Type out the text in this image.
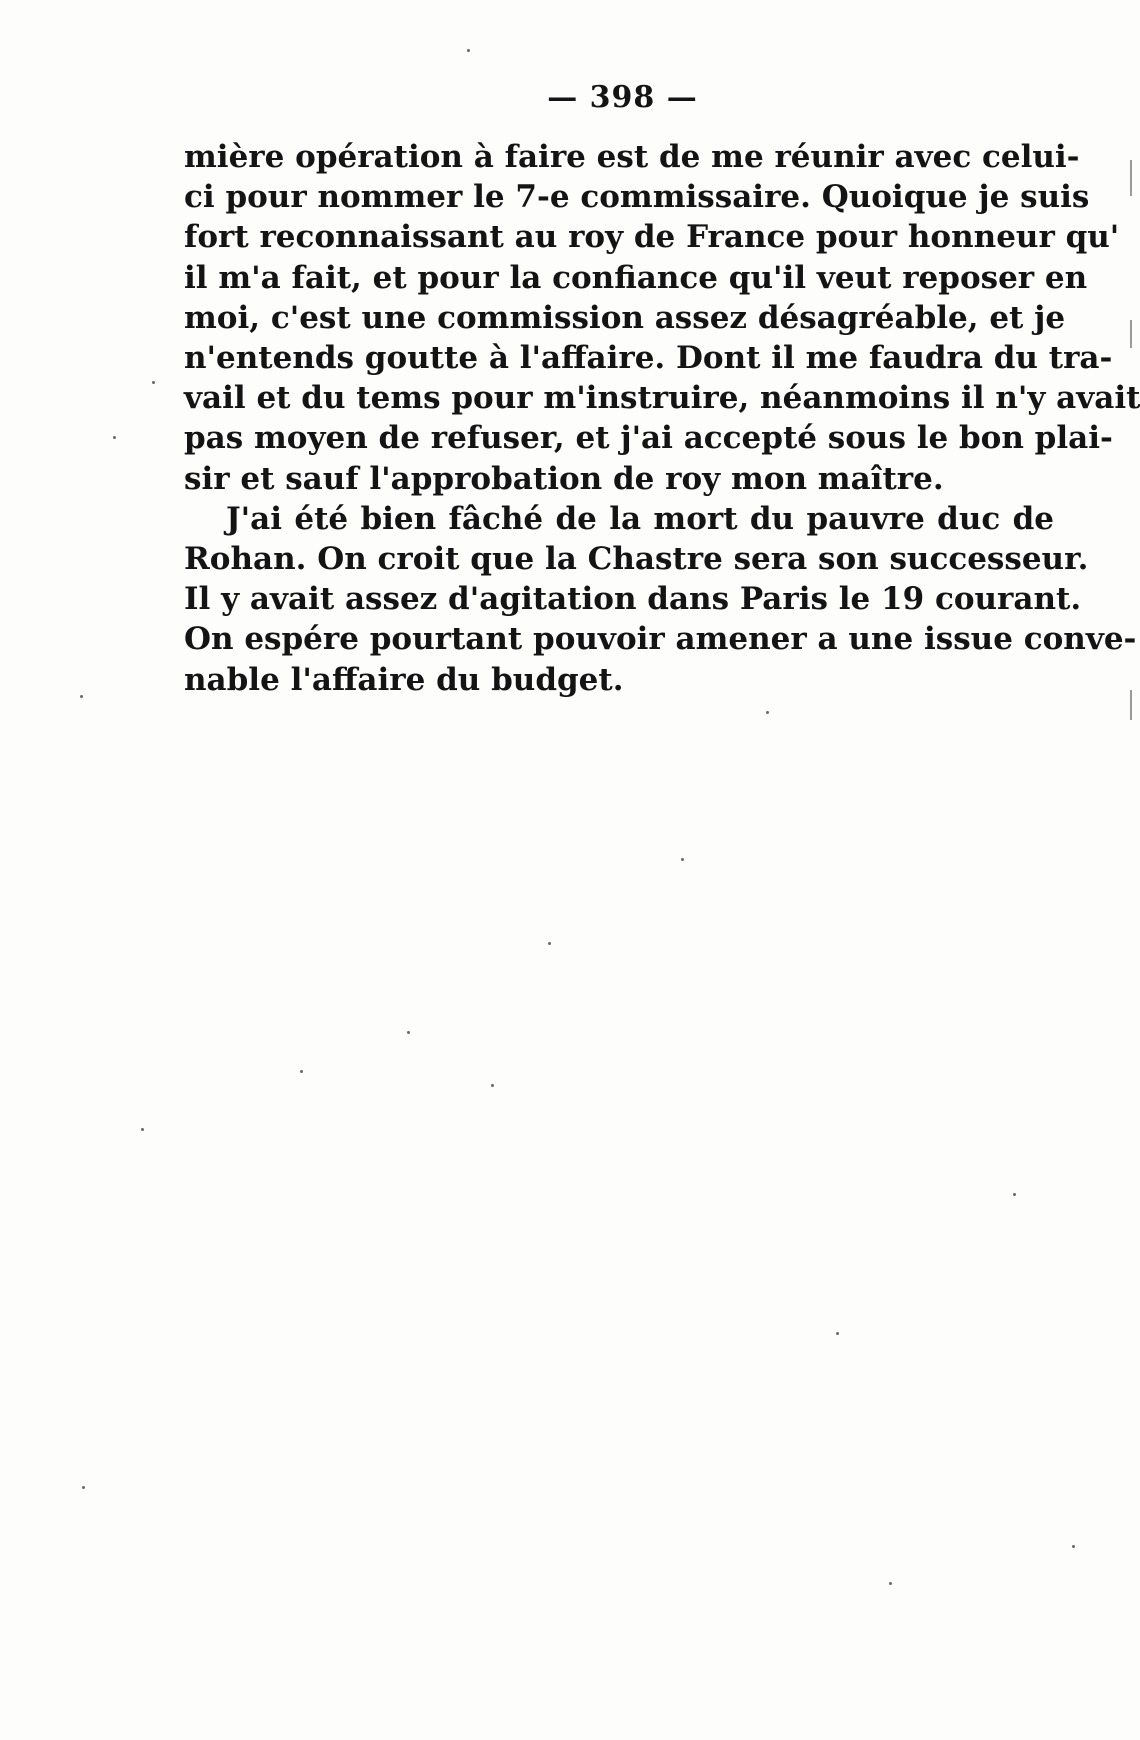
— 398 —
mière opération à faire est de me réunir avec celui-
ci pour nommer le 7-e commissaire. Quoique je suis
fort reconnaissant au roy de France pour honneur qu'
il m'a fait, et pour la confiance qu'il veut reposer en
moi, c'est une commission assez désagréable, et je
n'entends goutte à l'affaire. Dont il me faudra du tra-
vail et du tems pour m'instruire, néanmoins il n'y avait
pas moyen de refuser, et j'ai accepté sous le bon plai-
sir et sauf l'approbation de roy mon maître.
J'ai été bien fâché de la mort du pauvre duc de
Rohan. On croit que la Chastre sera son successeur.
Il y avait assez d'agitation dans Paris le 19 courant.
On espére pourtant pouvoir amener a une issue conve-
nable l'affaire du budget.
